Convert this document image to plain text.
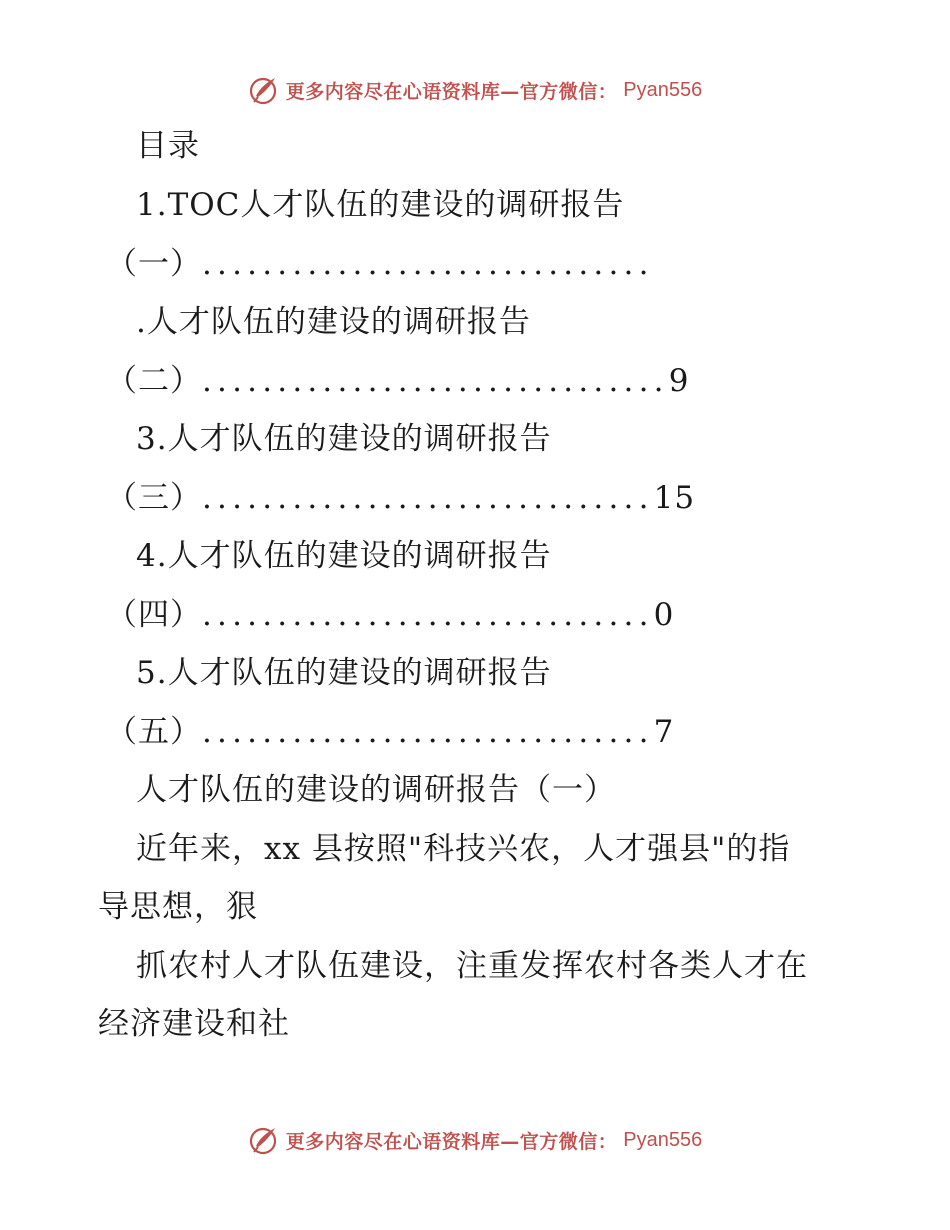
更多内容尽在心语资料库—官方微信： Pyan556
目录
1.TOC人才队伍的建设的调研报告
（一）..............................
.人才队伍的建设的调研报告
（二）...............................9
3.人才队伍的建设的调研报告
（三）..............................15
4.人才队伍的建设的调研报告
（四）..............................0
5.人才队伍的建设的调研报告
（五）..............................7
人才队伍的建设的调研报告（一）
近年来，xx 县按照"科技兴农，人才强县"的指
导思想，狠
抓农村人才队伍建设，注重发挥农村各类人才在
经济建设和社
更多内容尽在心语资料库—官方微信： Pyan556
